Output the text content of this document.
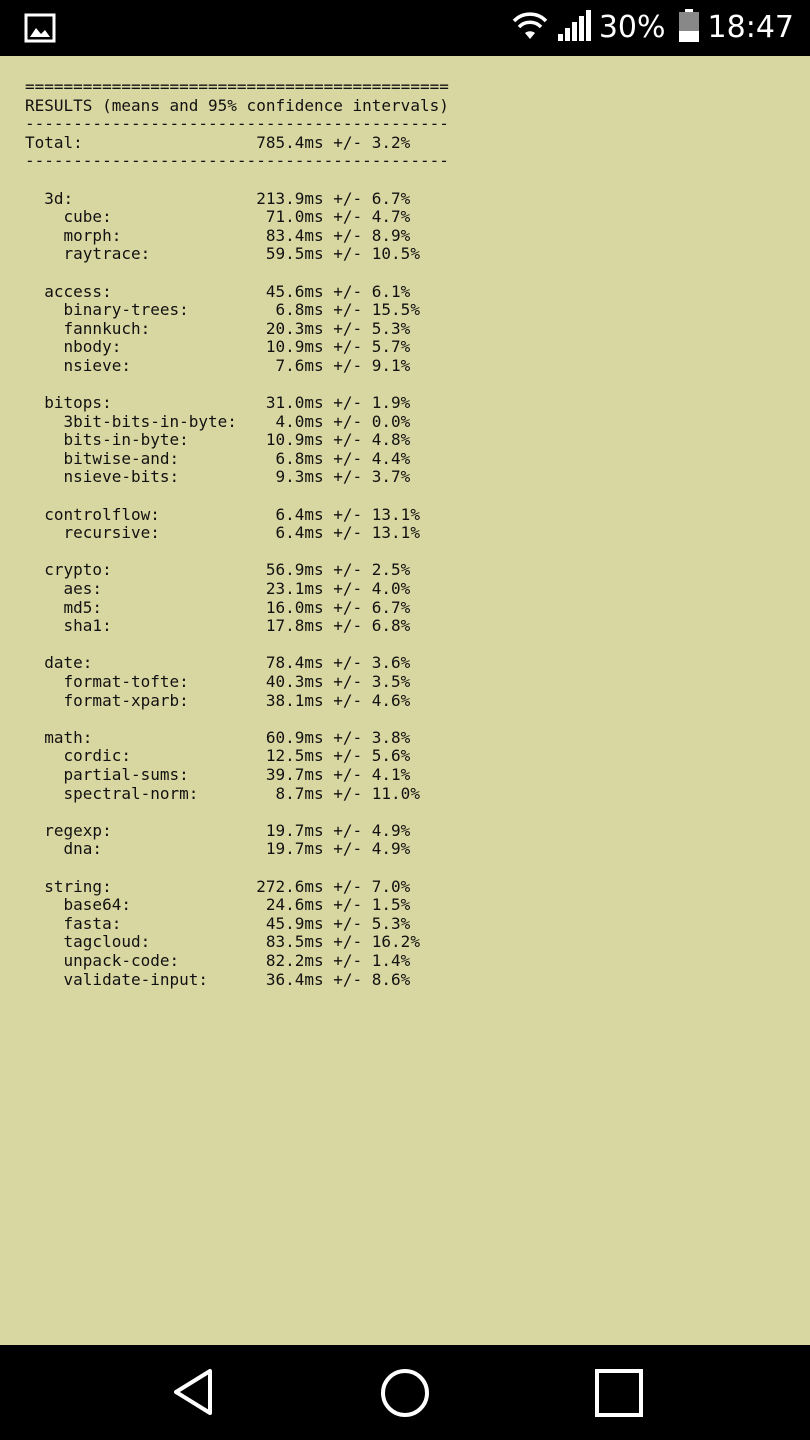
30% 18:47
============================================
RESULTS (means and 95% confidence intervals)
--------------------------------------------
Total:                  785.4ms +/- 3.2%
--------------------------------------------

3d:                   213.9ms +/- 6.7%
cube:                71.0ms +/- 4.7%
morph:               83.4ms +/- 8.9%
raytrace:            59.5ms +/- 10.5%

access:                45.6ms +/- 6.1%
binary-trees:         6.8ms +/- 15.5%
fannkuch:            20.3ms +/- 5.3%
nbody:               10.9ms +/- 5.7%
nsieve:               7.6ms +/- 9.1%

bitops:                31.0ms +/- 1.9%
3bit-bits-in-byte:    4.0ms +/- 0.0%
bits-in-byte:        10.9ms +/- 4.8%
bitwise-and:          6.8ms +/- 4.4%
nsieve-bits:          9.3ms +/- 3.7%

controlflow:            6.4ms +/- 13.1%
recursive:            6.4ms +/- 13.1%

crypto:                56.9ms +/- 2.5%
aes:                 23.1ms +/- 4.0%
md5:                 16.0ms +/- 6.7%
sha1:                17.8ms +/- 6.8%

date:                  78.4ms +/- 3.6%
format-tofte:        40.3ms +/- 3.5%
format-xparb:        38.1ms +/- 4.6%

math:                  60.9ms +/- 3.8%
cordic:              12.5ms +/- 5.6%
partial-sums:        39.7ms +/- 4.1%
spectral-norm:        8.7ms +/- 11.0%

regexp:                19.7ms +/- 4.9%
dna:                 19.7ms +/- 4.9%

string:               272.6ms +/- 7.0%
base64:              24.6ms +/- 1.5%
fasta:               45.9ms +/- 5.3%
tagcloud:            83.5ms +/- 16.2%
unpack-code:         82.2ms +/- 1.4%
validate-input:      36.4ms +/- 8.6%
